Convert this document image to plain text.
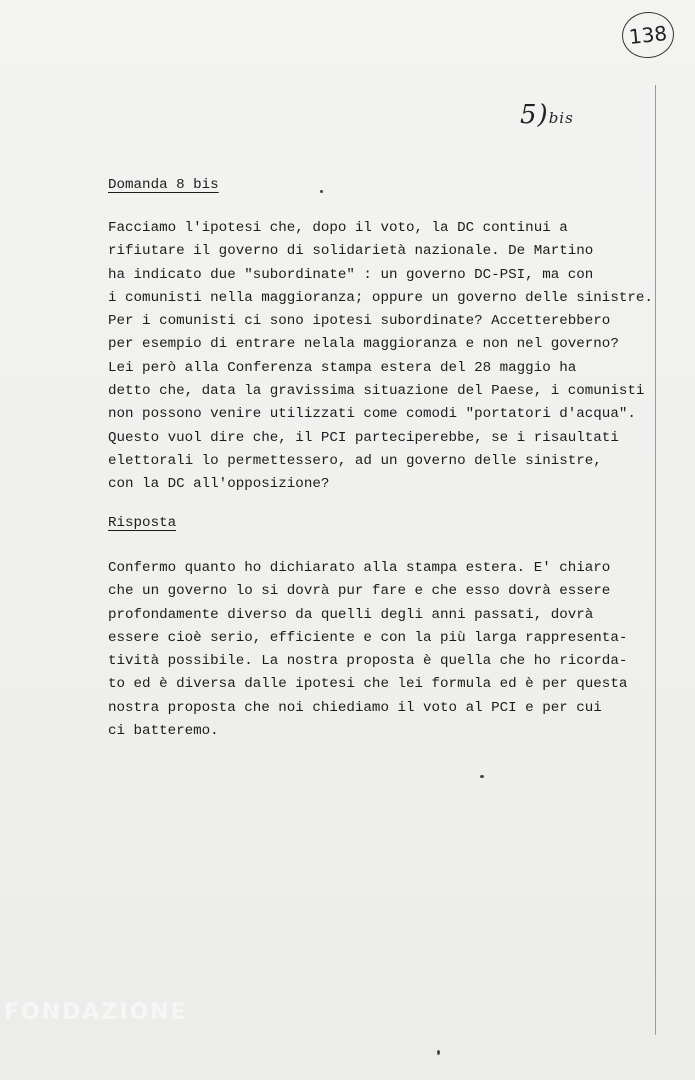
138
5)bis
Domanda 8 bis
Facciamo l'ipotesi che, dopo il voto, la DC continui a
rifiutare il governo di solidarietà nazionale. De Martino
ha indicato due "subordinate" : un governo DC-PSI, ma con
i comunisti nella maggioranza; oppure un governo delle sinistre.
Per i comunisti ci sono ipotesi subordinate? Accetterebbero
per esempio di entrare nelala maggioranza e non nel governo?
Lei però alla Conferenza stampa estera del 28 maggio ha
detto che, data la gravissima situazione del Paese, i comunisti
non possono venire utilizzati come comodi "portatori d'acqua".
Questo vuol dire che, il PCI parteciperebbe, se i risaultati
elettorali lo permettessero, ad un governo delle sinistre,
con la DC all'opposizione?
Risposta
Confermo quanto ho dichiarato alla stampa estera. E' chiaro
che un governo lo si dovrà pur fare e che esso dovrà essere
profondamente diverso da quelli degli anni passati, dovrà
essere cioè serio, efficiente e con la più larga rappresenta-
tività possibile. La nostra proposta è quella che ho ricorda-
to ed è diversa dalle ipotesi che lei formula ed è per questa
nostra proposta che noi chiediamo il voto al PCI e per cui
ci batteremo.
FONDAZIONE
